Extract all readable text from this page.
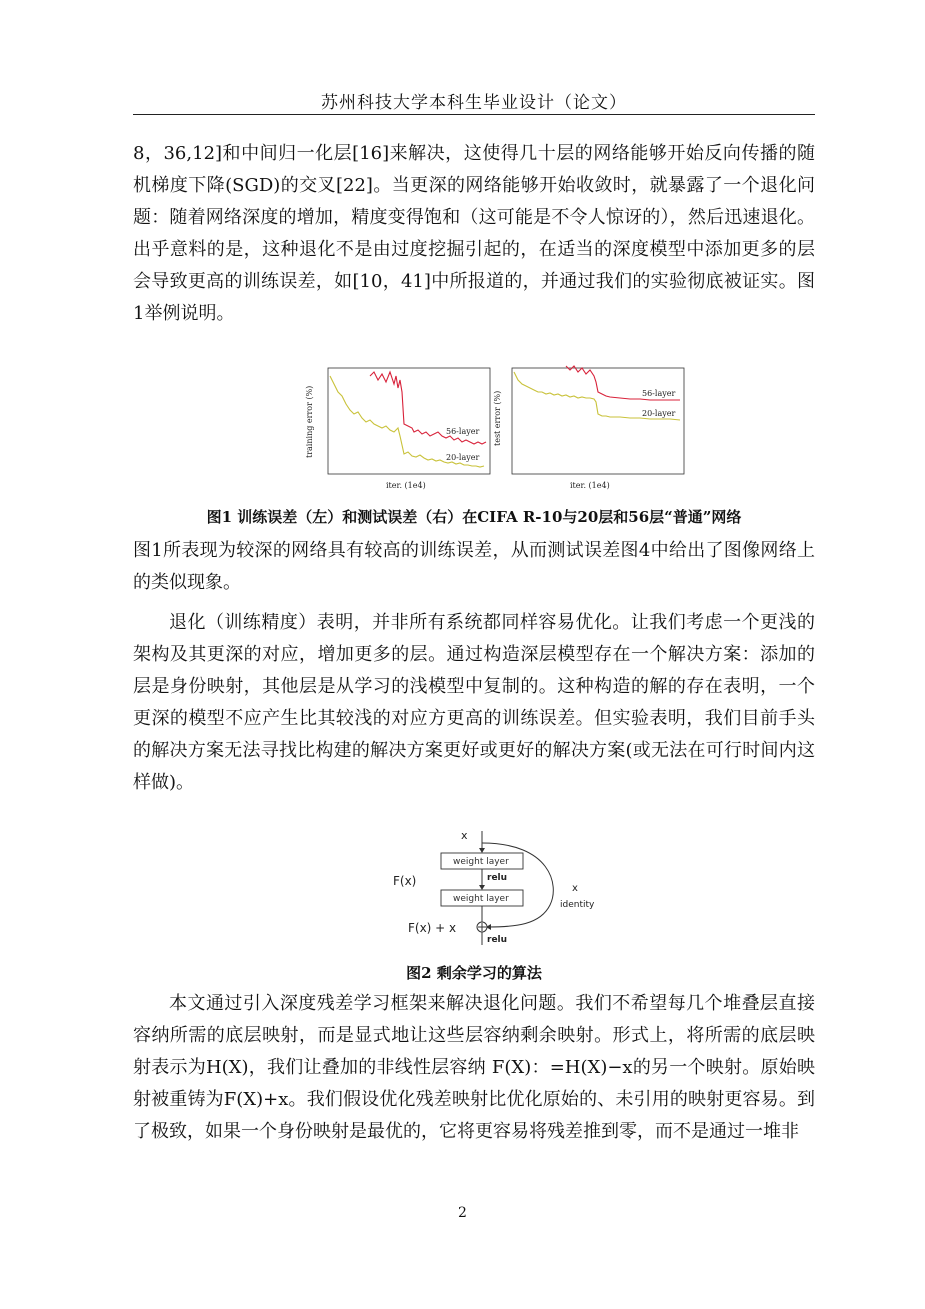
苏州科技大学本科生毕业设计（论文）

8，36,12]和中间归一化层[16]来解决，这使得几十层的网络能够开始反向传播的随机梯度下降(SGD)的交叉[22]。当更深的网络能够开始收敛时，就暴露了一个退化问题：随着网络深度的增加，精度变得饱和（这可能是不令人惊讶的），然后迅速退化。出乎意料的是，这种退化不是由过度挖掘引起的，在适当的深度模型中添加更多的层会导致更高的训练误差，如[10，41]中所报道的，并通过我们的实验彻底被证实。图1举例说明。

56-layer
20-layer
iter. (1e4)
training error (%)	56-layer
20-layer
iter. (1e4)
test error (%)

图1 训练误差（左）和测试误差（右）在CIFA R-10与20层和56层“普通”网络

图1所表现为较深的网络具有较高的训练误差，从而测试误差图4中给出了图像网络上的类似现象。

退化（训练精度）表明，并非所有系统都同样容易优化。让我们考虑一个更浅的架构及其更深的对应，增加更多的层。通过构造深层模型存在一个解决方案：添加的层是身份映射，其他层是从学习的浅模型中复制的。这种构造的解的存在表明，一个更深的模型不应产生比其较浅的对应方更高的训练误差。但实验表明，我们目前手头的解决方案无法寻找比构建的解决方案更好或更好的解决方案(或无法在可行时间内这样做)。

x
weight layer
relu
weight layer
relu
F(x)
F(x) + x
x
identity

图2 剩余学习的算法

本文通过引入深度残差学习框架来解决退化问题。我们不希望每几个堆叠层直接容纳所需的底层映射，而是显式地让这些层容纳剩余映射。形式上，将所需的底层映射表示为H(X)，我们让叠加的非线性层容纳 F(X)：=H(X)−x的另一个映射。原始映射被重铸为F(X)+x。我们假设优化残差映射比优化原始的、未引用的映射更容易。到了极致，如果一个身份映射是最优的，它将更容易将残差推到零，而不是通过一堆非

2
